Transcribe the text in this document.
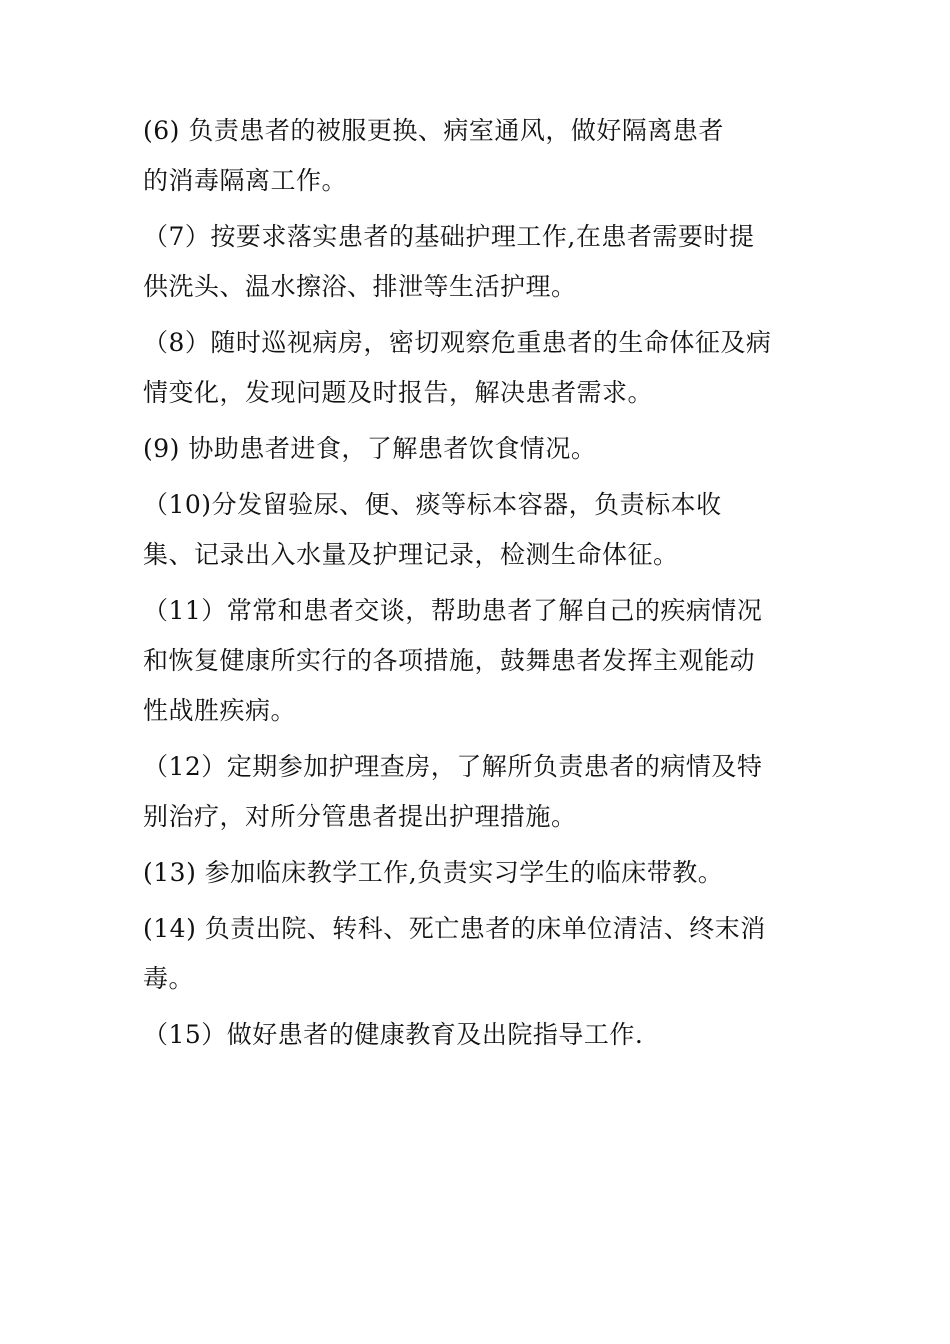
(6) 负责患者的被服更换、病室通风，做好隔离患者
的消毒隔离工作。
（7）按要求落实患者的基础护理工作,在患者需要时提
供洗头、温水擦浴、排泄等生活护理。
（8）随时巡视病房，密切观察危重患者的生命体征及病
情变化，发现问题及时报告，解决患者需求。
(9) 协助患者进食，了解患者饮食情况。
（10)分发留验尿、便、痰等标本容器，负责标本收
集、记录出入水量及护理记录，检测生命体征。
（11）常常和患者交谈，帮助患者了解自己的疾病情况
和恢复健康所实行的各项措施，鼓舞患者发挥主观能动
性战胜疾病。
（12）定期参加护理查房，了解所负责患者的病情及特
别治疗，对所分管患者提出护理措施。
(13) 参加临床教学工作,负责实习学生的临床带教。
(14) 负责出院、转科、死亡患者的床单位清洁、终末消
毒。
（15）做好患者的健康教育及出院指导工作.
